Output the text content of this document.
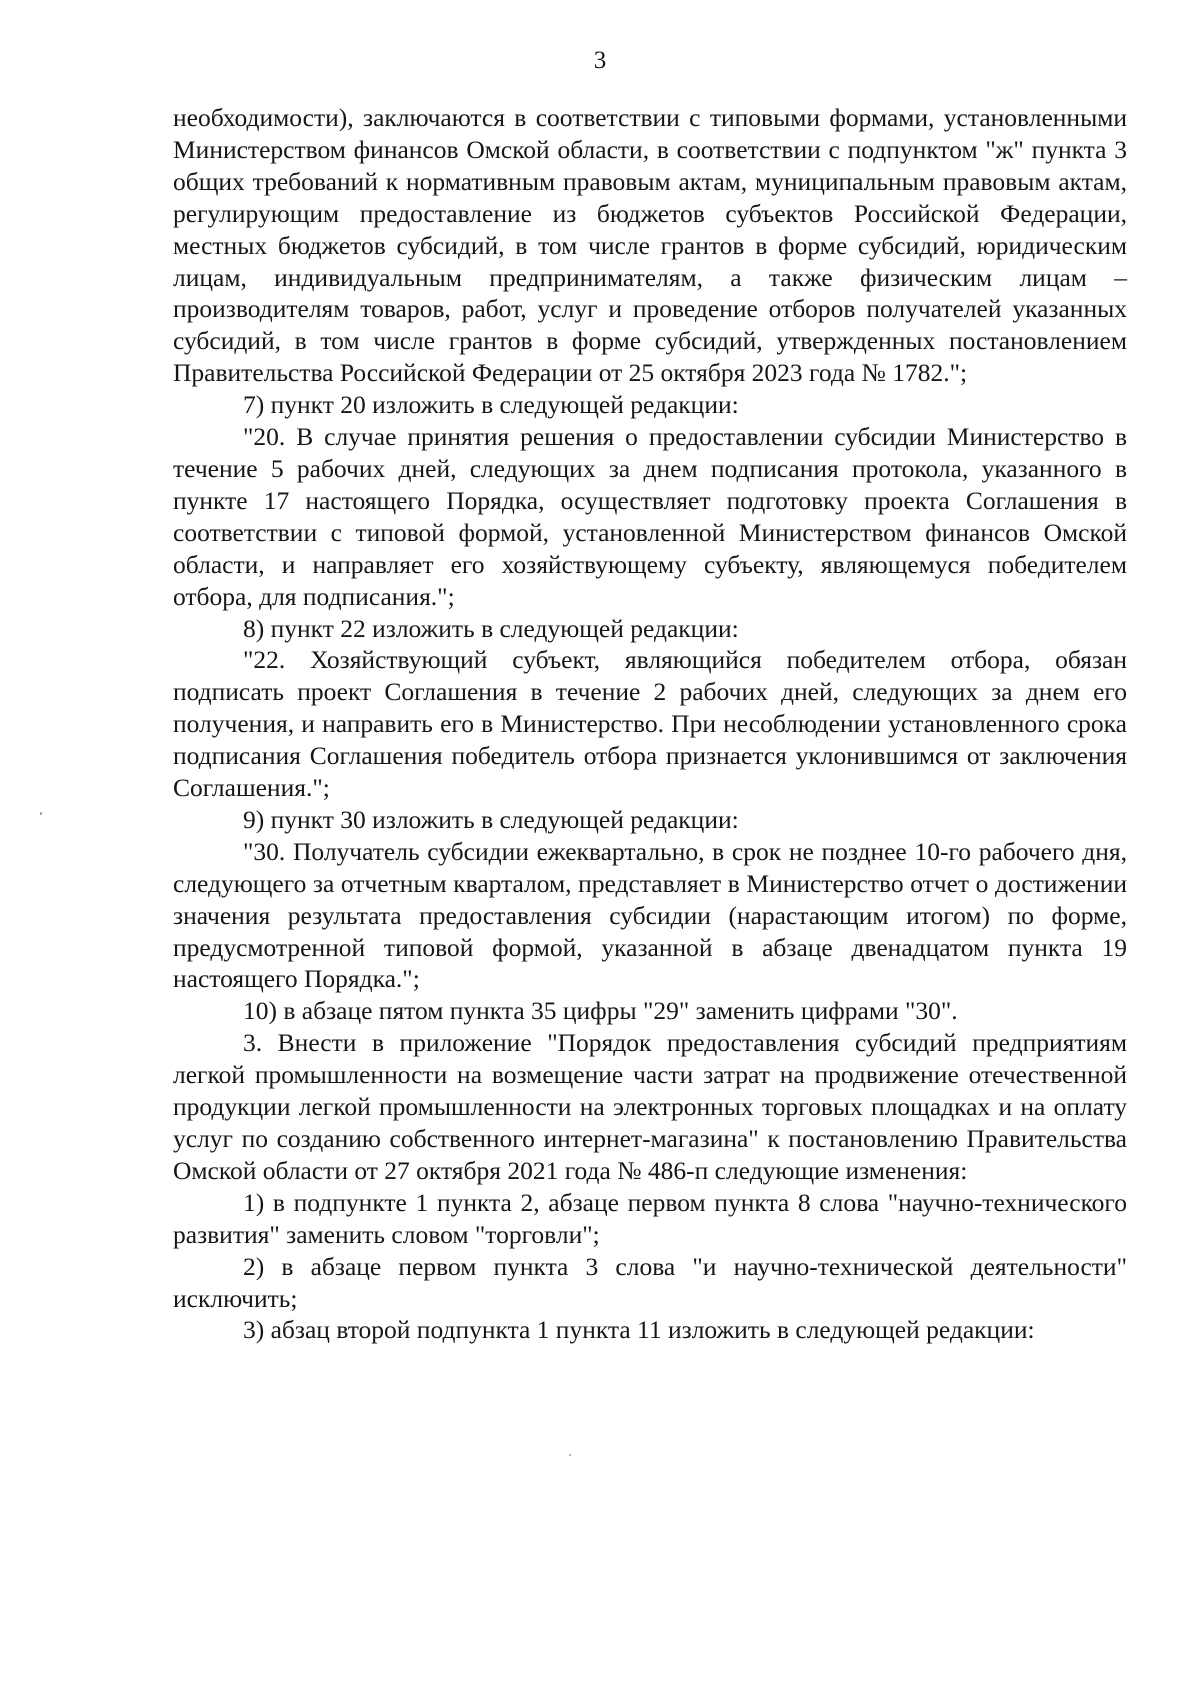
3

необходимости), заключаются в соответствии с типовыми формами, установленными Министерством финансов Омской области, в соответствии с подпунктом "ж" пункта 3 общих требований к нормативным правовым актам, муниципальным правовым актам, регулирующим предоставление из бюджетов субъектов Российской Федерации, местных бюджетов субсидий, в том числе грантов в форме субсидий, юридическим лицам, индивидуальным предпринимателям, а также физическим лицам – производителям товаров, работ, услуг и проведение отборов получателей указанных субсидий, в том числе грантов в форме субсидий, утвержденных постановлением Правительства Российской Федерации от 25 октября 2023 года № 1782.";

7) пункт 20 изложить в следующей редакции:

"20. В случае принятия решения о предоставлении субсидии Министерство в течение 5 рабочих дней, следующих за днем подписания протокола, указанного в пункте 17 настоящего Порядка, осуществляет подготовку проекта Соглашения в соответствии с типовой формой, установленной Министерством финансов Омской области, и направляет его хозяйствующему субъекту, являющемуся победителем отбора, для подписания.";

8) пункт 22 изложить в следующей редакции:

"22. Хозяйствующий субъект, являющийся победителем отбора, обязан подписать проект Соглашения в течение 2 рабочих дней, следующих за днем его получения, и направить его в Министерство. При несоблюдении установленного срока подписания Соглашения победитель отбора признается уклонившимся от заключения Соглашения.";

9) пункт 30 изложить в следующей редакции:

"30. Получатель субсидии ежеквартально, в срок не позднее 10-го рабочего дня, следующего за отчетным кварталом, представляет в Министерство отчет о достижении значения результата предоставления субсидии (нарастающим итогом) по форме, предусмотренной типовой формой, указанной в абзаце двенадцатом пункта 19 настоящего Порядка.";

10) в абзаце пятом пункта 35 цифры "29" заменить цифрами "30".

3. Внести в приложение "Порядок предоставления субсидий предприятиям легкой промышленности на возмещение части затрат на продвижение отечественной продукции легкой промышленности на электронных торговых площадках и на оплату услуг по созданию собственного интернет-магазина" к постановлению Правительства Омской области от 27 октября 2021 года № 486-п следующие изменения:

1) в подпункте 1 пункта 2, абзаце первом пункта 8 слова "научно-технического развития" заменить словом "торговли";

2) в абзаце первом пункта 3 слова "и научно-технической деятельности" исключить;

3) абзац второй подпункта 1 пункта 11 изложить в следующей редакции:
